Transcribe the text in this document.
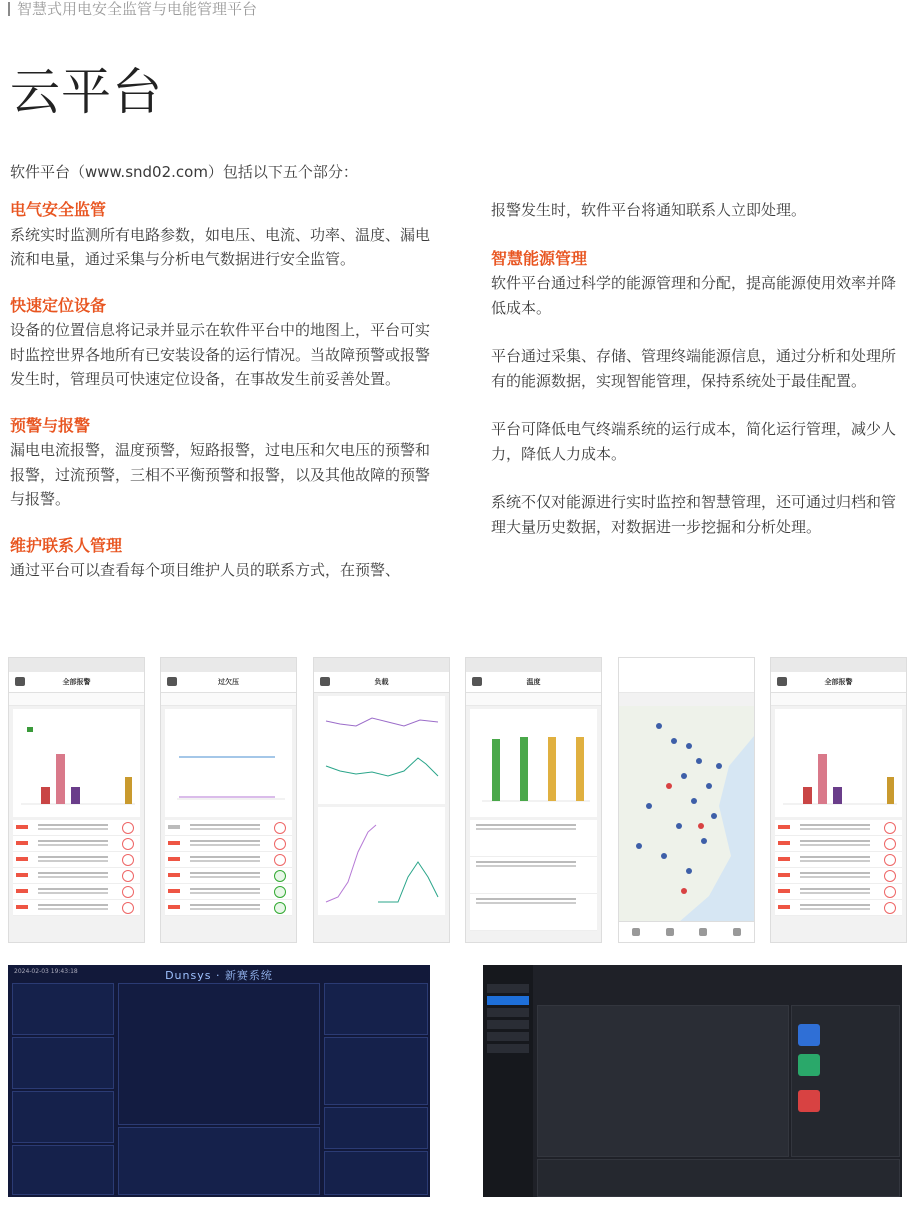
智慧式用电安全监管与电能管理平台
云平台
软件平台（www.snd02.com）包括以下五个部分：
电气安全监管

系统实时监测所有电路参数，如电压、电流、功率、温度、漏电流和电量，通过采集与分析电气数据进行安全监管。

快速定位设备

设备的位置信息将记录并显示在软件平台中的地图上，平台可实时监控世界各地所有已安装设备的运行情况。当故障预警或报警发生时，管理员可快速定位设备，在事故发生前妥善处置。

预警与报警

漏电电流报警，温度预警，短路报警，过电压和欠电压的预警和报警，过流预警，三相不平衡预警和报警，以及其他故障的预警与报警。

维护联系人管理

通过平台可以查看每个项目维护人员的联系方式，在预警、

报警发生时，软件平台将通知联系人立即处理。

智慧能源管理

软件平台通过科学的能源管理和分配，提高能源使用效率并降低成本。

平台通过采集、存储、管理终端能源信息，通过分析和处理所有的能源数据，实现智能管理，保持系统处于最佳配置。

平台可降低电气终端系统的运行成本，简化运行管理，减少人力，降低人力成本。

系统不仅对能源进行实时监控和智慧管理，还可通过归档和管理大量历史数据，对数据进一步挖掘和分析处理。

全部报警	过欠压	负载	温度	全部报警
2024-02-03 19:43:18	Dunsys · 新赛系统
